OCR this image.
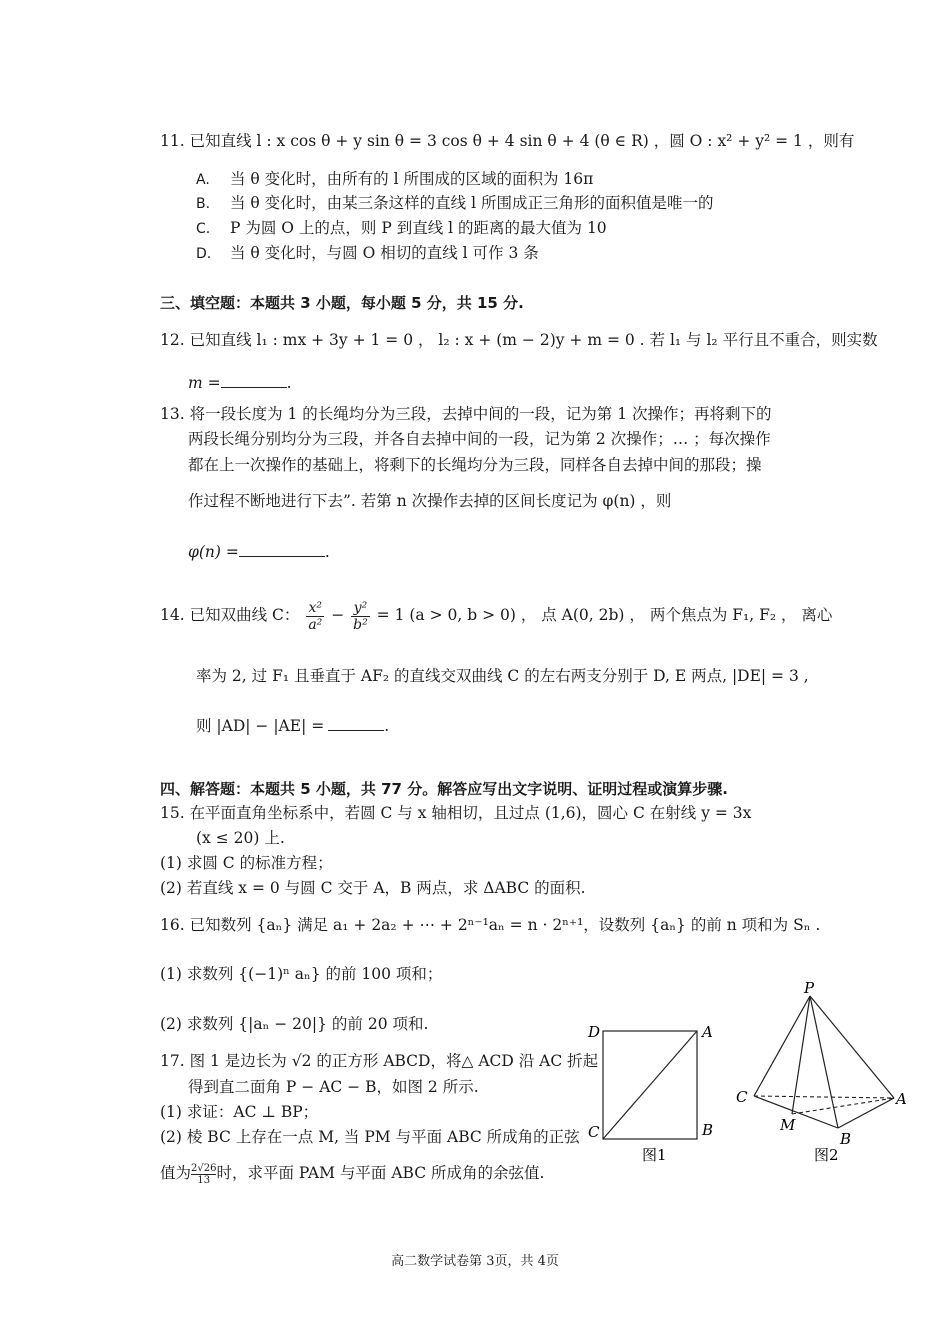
11. 已知直线 l : x cos θ + y sin θ = 3 cos θ + 4 sin θ + 4 (θ ∈ R) ，圆 O : x² + y² = 1 ，则有
A. 当 θ 变化时，由所有的 l 所围成的区域的面积为 16π
B. 当 θ 变化时，由某三条这样的直线 l 所围成正三角形的面积值是唯一的
C. P 为圆 O 上的点，则 P 到直线 l 的距离的最大值为 10
D. 当 θ 变化时，与圆 O 相切的直线 l 可作 3 条
三、填空题：本题共 3 小题，每小题 5 分，共 15 分.
12. 已知直线 l₁ : mx + 3y + 1 = 0 ， l₂ : x + (m − 2)y + m = 0 . 若 l₁ 与 l₂ 平行且不重合，则实数
m =	.
13. 将一段长度为 1 的长绳均分为三段，去掉中间的一段，记为第 1 次操作；再将剩下的
两段长绳分别均分为三段，并各自去掉中间的一段，记为第 2 次操作；… ；每次操作
都在上一次操作的基础上，将剩下的长绳均分为三段，同样各自去掉中间的那段；操
作过程不断地进行下去”. 若第 n 次操作去掉的区间长度记为 φ(n) ，则
φ(n) =	.
14. 已知双曲线 C： $\frac{\text{x²}}{\text{a²}} - \frac{\text{y²}}{\text{b²}} = 1$ (a > 0, b > 0) ， 点 A(0, 2b) ， 两个焦点为 F₁, F₂ ， 离心
率为 2, 过 F₁ 且垂直于 AF₂ 的直线交双曲线 C 的左右两支分别于 D, E 两点, |DE| = 3 ,
则 |AD| − |AE| =	.
四、解答题：本题共 5 小题，共 77 分。解答应写出文字说明、证明过程或演算步骤.
15. 在平面直角坐标系中，若圆 C 与 x 轴相切，且过点 (1,6)，圆心 C 在射线 y = 3x
(x ≤ 20) 上.
(1) 求圆 C 的标准方程；
(2) 若直线 x = 0 与圆 C 交于 A，B 两点，求 ΔABC 的面积.
16. 已知数列 {aₙ} 满足 a₁ + 2a₂ + ⋯ + 2ⁿ⁻¹aₙ = n · 2ⁿ⁺¹，设数列 {aₙ} 的前 n 项和为 Sₙ .
(1) 求数列 {(−1)ⁿ aₙ} 的前 100 项和；
(2) 求数列 {|aₙ − 20|} 的前 20 项和.
17. 图 1 是边长为 √2 的正方形 ABCD，将△ ACD 沿 AC 折起
得到直二面角 P − AC − B，如图 2 所示.
(1) 求证：AC ⊥ BP；
(2) 棱 BC 上存在一点 M, 当 PM 与平面 ABC 所成角的正弦
值为 $\frac{2√26}{13}$时，求平面 PAM 与平面 ABC 所成角的余弦值.
D	A
C	B
图1
P
C	A
M
B
图2
高二数学试卷第 3页，共 4页
